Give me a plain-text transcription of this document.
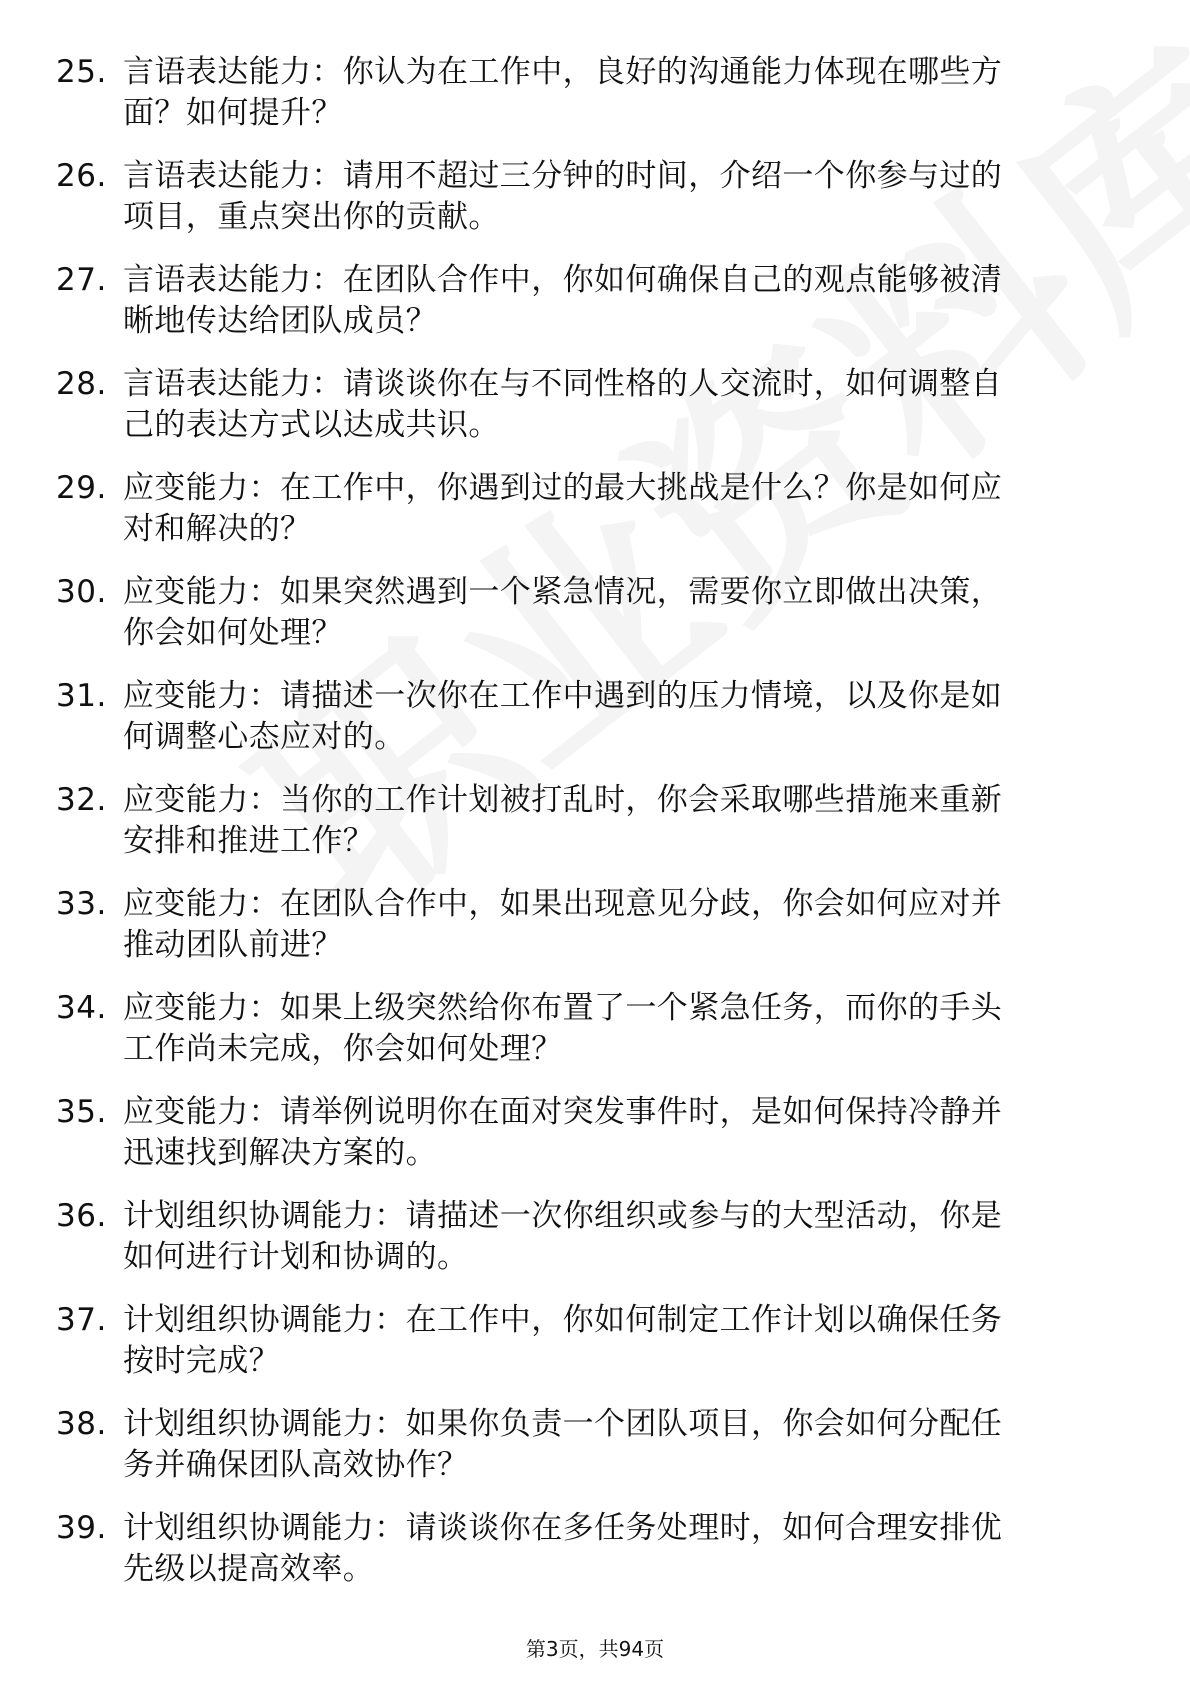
25. 言语表达能力：你认为在工作中，良好的沟通能力体现在哪些方
面？如何提升？
26. 言语表达能力：请用不超过三分钟的时间，介绍一个你参与过的
项目，重点突出你的贡献。
27. 言语表达能力：在团队合作中，你如何确保自己的观点能够被清
晰地传达给团队成员？
28. 言语表达能力：请谈谈你在与不同性格的人交流时，如何调整自
己的表达方式以达成共识。
29. 应变能力：在工作中，你遇到过的最大挑战是什么？你是如何应
对和解决的？
30. 应变能力：如果突然遇到一个紧急情况，需要你立即做出决策，
你会如何处理？
31. 应变能力：请描述一次你在工作中遇到的压力情境，以及你是如
何调整心态应对的。
32. 应变能力：当你的工作计划被打乱时，你会采取哪些措施来重新
安排和推进工作？
33. 应变能力：在团队合作中，如果出现意见分歧，你会如何应对并
推动团队前进？
34. 应变能力：如果上级突然给你布置了一个紧急任务，而你的手头
工作尚未完成，你会如何处理？
35. 应变能力：请举例说明你在面对突发事件时，是如何保持冷静并
迅速找到解决方案的。
36. 计划组织协调能力：请描述一次你组织或参与的大型活动，你是
如何进行计划和协调的。
37. 计划组织协调能力：在工作中，你如何制定工作计划以确保任务
按时完成？
38. 计划组织协调能力：如果你负责一个团队项目，你会如何分配任
务并确保团队高效协作？
39. 计划组织协调能力：请谈谈你在多任务处理时，如何合理安排优
先级以提高效率。
第3页，共94页
